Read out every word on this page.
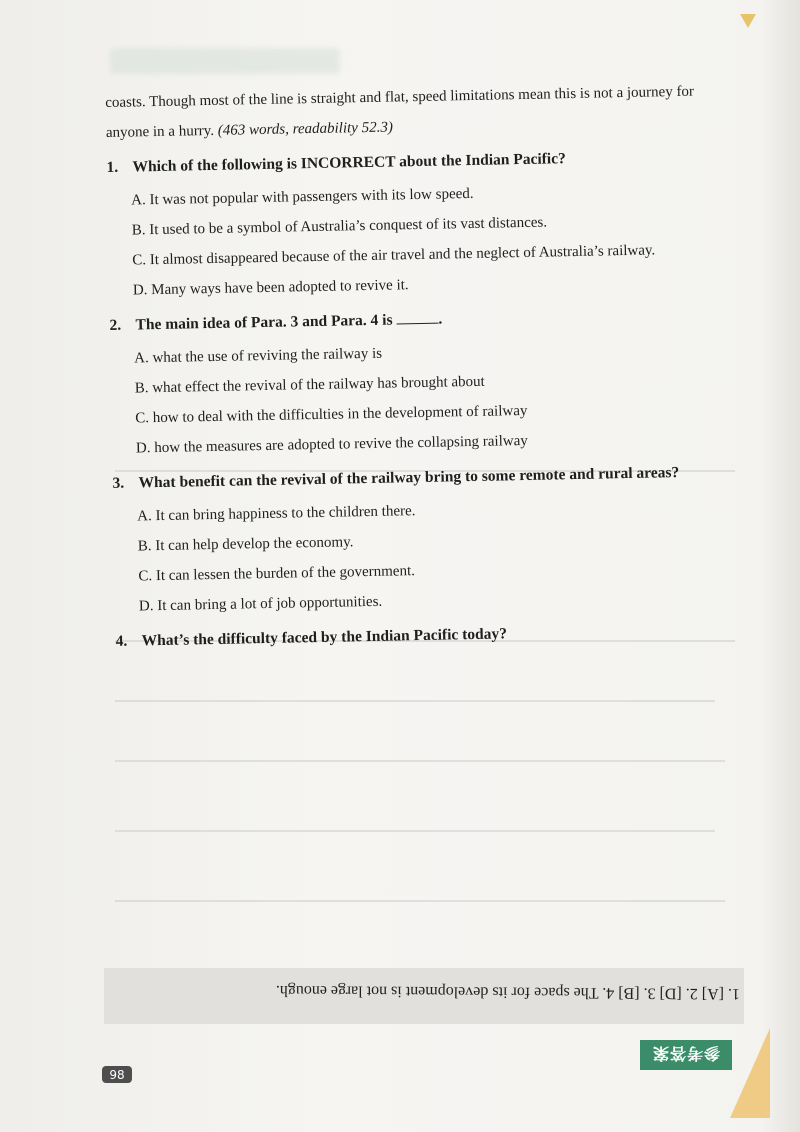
coasts. Though most of the line is straight and flat, speed limitations mean this is not a journey for
anyone in a hurry. (463 words, readability 52.3)
1. Which of the following is INCORRECT about the Indian Pacific?
A. It was not popular with passengers with its low speed.
B. It used to be a symbol of Australia’s conquest of its vast distances.
C. It almost disappeared because of the air travel and the neglect of Australia’s railway.
D. Many ways have been adopted to revive it.
2. The main idea of Para. 3 and Para. 4 is	.
A. what the use of reviving the railway is
B. what effect the revival of the railway has brought about
C. how to deal with the difficulties in the development of railway
D. how the measures are adopted to revive the collapsing railway
3. What benefit can the revival of the railway bring to some remote and rural areas?
A. It can bring happiness to the children there.
B. It can help develop the economy.
C. It can lessen the burden of the government.
D. It can bring a lot of job opportunities.
4. What’s the difficulty faced by the Indian Pacific today?
1. [A] 2. [D] 3. [B] 4. The space for its development is not large enough.
参考答案
98
